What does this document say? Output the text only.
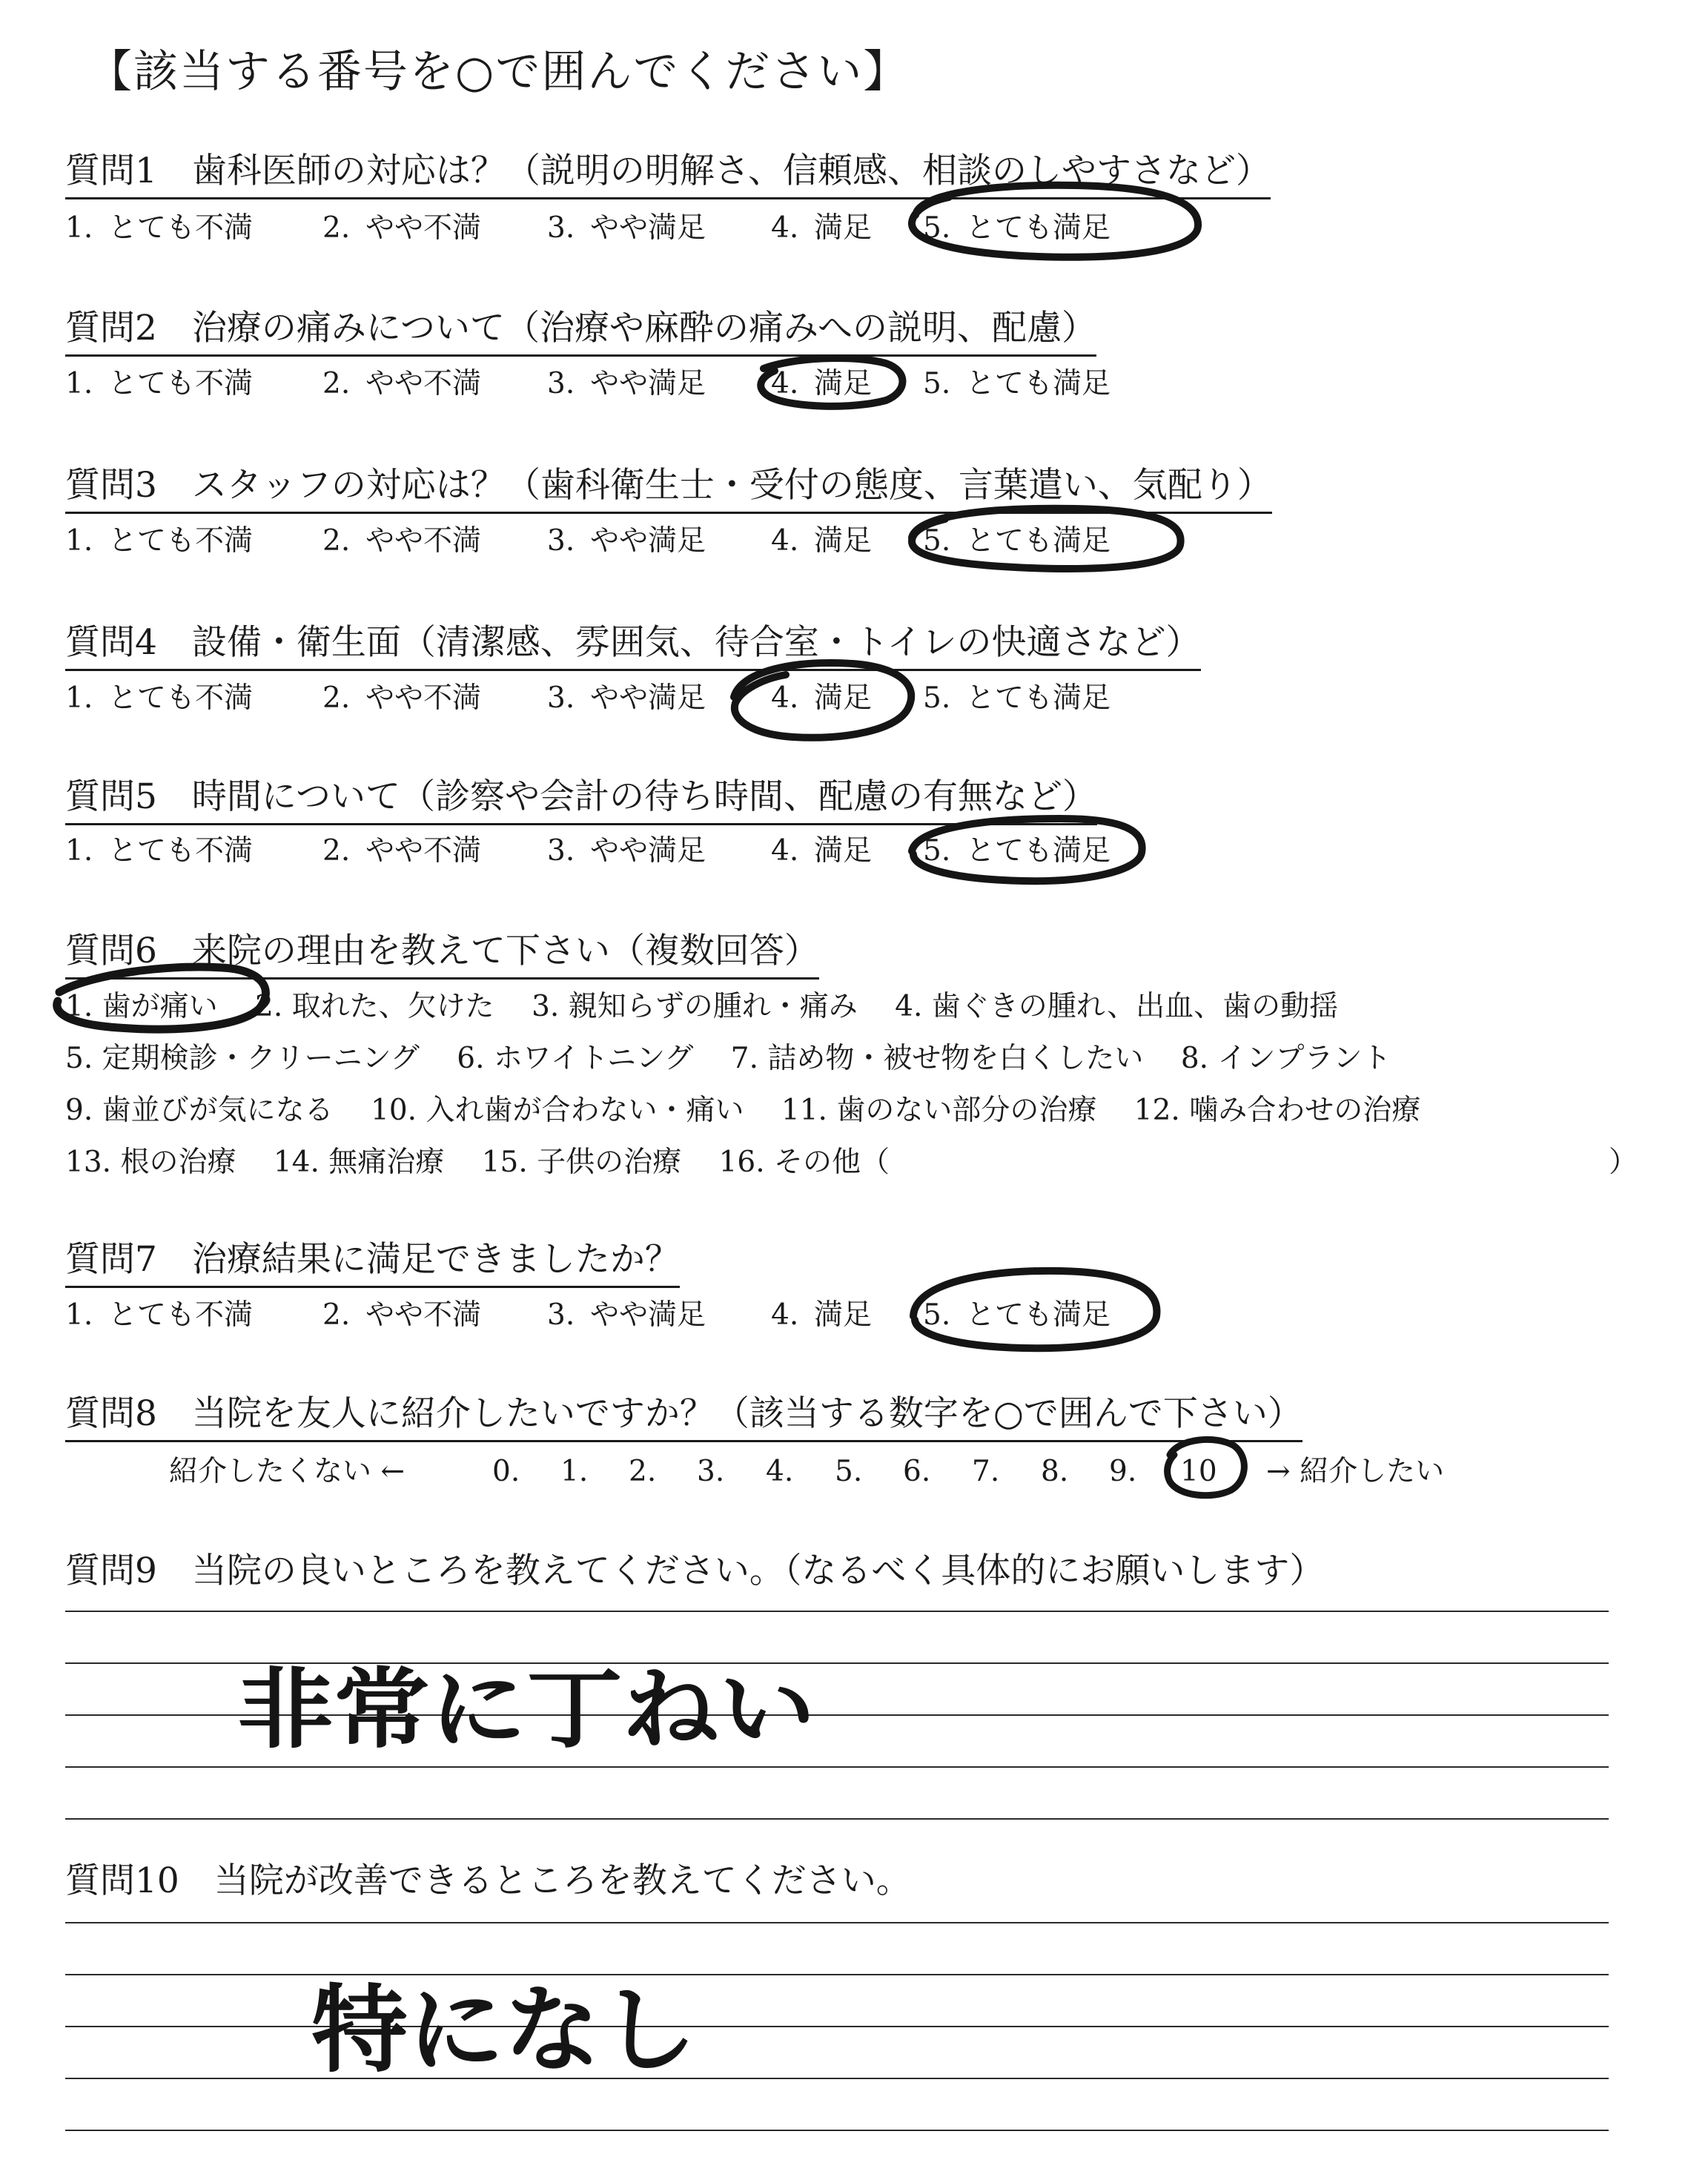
【該当する番号を○で囲んでください】
質問1　歯科医師の対応は？（説明の明解さ、信頼感、相談のしやすさなど）
1. とても不満 2. やや不満 3. やや満足 4. 満足 5. とても満足
質問2　治療の痛みについて（治療や麻酔の痛みへの説明、配慮）
1. とても不満 2. やや不満 3. やや満足 4. 満足 5. とても満足
質問3　スタッフの対応は？（歯科衛生士・受付の態度、言葉遣い、気配り）
1. とても不満 2. やや不満 3. やや満足 4. 満足 5. とても満足
質問4　設備・衛生面（清潔感、雰囲気、待合室・トイレの快適さなど）
1. とても不満 2. やや不満 3. やや満足 4. 満足 5. とても満足
質問5　時間について（診察や会計の待ち時間、配慮の有無など）
1. とても不満 2. やや不満 3. やや満足 4. 満足 5. とても満足
質問6　来院の理由を教えて下さい（複数回答）
1. 歯が痛い 2. 取れた、欠けた 3. 親知らずの腫れ・痛み 4. 歯ぐきの腫れ、出血、歯の動揺
5. 定期検診・クリーニング 6. ホワイトニング 7. 詰め物・被せ物を白くしたい 8. インプラント
9. 歯並びが気になる 10. 入れ歯が合わない・痛い 11. 歯のない部分の治療 12. 噛み合わせの治療
13. 根の治療 14. 無痛治療 15. 子供の治療 16. その他（	）
質問7　治療結果に満足できましたか？
1. とても不満 2. やや不満 3. やや満足 4. 満足 5. とても満足
質問8　当院を友人に紹介したいですか？（該当する数字を○で囲んで下さい）
紹介したくない ←	0. 1. 2. 3. 4. 5. 6. 7. 8. 9. 10 → 紹介したい
質問9　当院の良いところを教えてください。（なるべく具体的にお願いします）
質問10　当院が改善できるところを教えてください。
非常に丁ねい
特になし
